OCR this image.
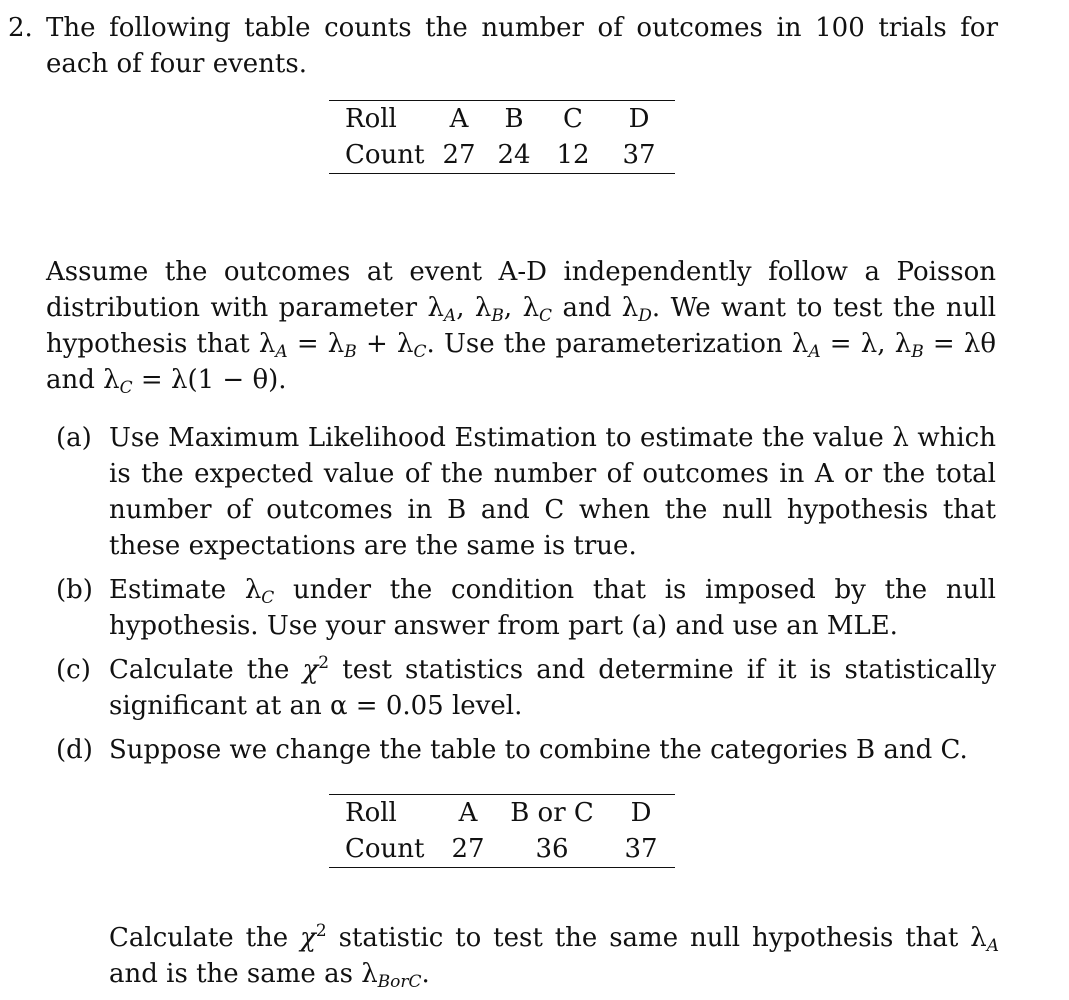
2. The following table counts the number of outcomes in 100 trials for each of four events.

Roll	A	B	C	D
Count	27	24	12	37

Assume the outcomes at event A-D independently follow a Poisson distribution with parameter $\lambda_A$, $\lambda_B$, $\lambda_C$ and $\lambda_D$. We want to test the null hypothesis that $\lambda_A = \lambda_B + \lambda_C$. Use the parameterization $\lambda_A = \lambda$, $\lambda_B = \lambda\theta$ and $\lambda_C = \lambda(1 - \theta)$.

(a) Use Maximum Likelihood Estimation to estimate the value λ which is the expected value of the number of outcomes in A or the total number of outcomes in B and C when the null hypothesis that these expectations are the same is true.

(b) Estimate $\lambda_C$ under the condition that is imposed by the null hypothesis. Use your answer from part (a) and use an MLE.

(c) Calculate the $\chi^2$ test statistics and determine if it is statistically significant at an α = 0.05 level.

(d) Suppose we change the table to combine the categories B and C.

Roll	A	B or C	D
Count	27	36	37

Calculate the $\chi^2$ statistic to test the same null hypothesis that $\lambda_A$ and is the same as $\lambda_{BorC}$.
